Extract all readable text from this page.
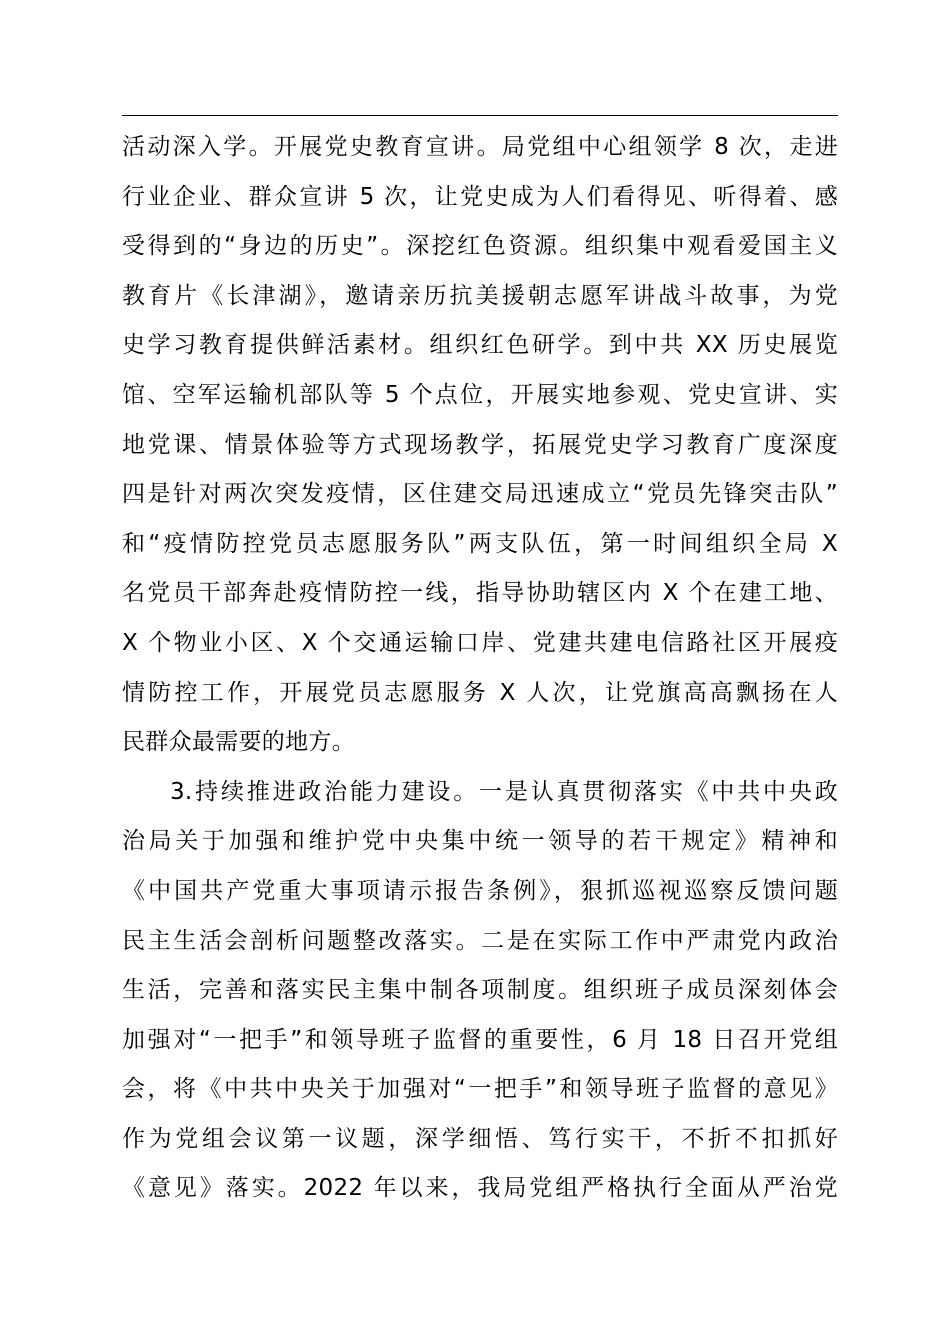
活动深入学。开展党史教育宣讲。局党组中心组领学 8 次，走进
行业企业、群众宣讲 5 次，让党史成为人们看得见、听得着、感
受得到的“身边的历史”。深挖红色资源。组织集中观看爱国主义
教育片《长津湖》，邀请亲历抗美援朝志愿军讲战斗故事，为党
史学习教育提供鲜活素材。组织红色研学。到中共 XX 历史展览
馆、空军运输机部队等 5 个点位，开展实地参观、党史宣讲、实
地党课、情景体验等方式现场教学，拓展党史学习教育广度深度
四是针对两次突发疫情，区住建交局迅速成立“党员先锋突击队”
和“疫情防控党员志愿服务队”两支队伍，第一时间组织全局 X
名党员干部奔赴疫情防控一线，指导协助辖区内 X 个在建工地、
X 个物业小区、X 个交通运输口岸、党建共建电信路社区开展疫
情防控工作，开展党员志愿服务 X 人次，让党旗高高飘扬在人
民群众最需要的地方。
3.持续推进政治能力建设。一是认真贯彻落实《中共中央政
治局关于加强和维护党中央集中统一领导的若干规定》精神和
《中国共产党重大事项请示报告条例》，狠抓巡视巡察反馈问题
民主生活会剖析问题整改落实。二是在实际工作中严肃党内政治
生活，完善和落实民主集中制各项制度。组织班子成员深刻体会
加强对“一把手”和领导班子监督的重要性，6 月 18 日召开党组
会，将《中共中央关于加强对“一把手”和领导班子监督的意见》
作为党组会议第一议题，深学细悟、笃行实干，不折不扣抓好
《意见》落实。2022 年以来，我局党组严格执行全面从严治党
